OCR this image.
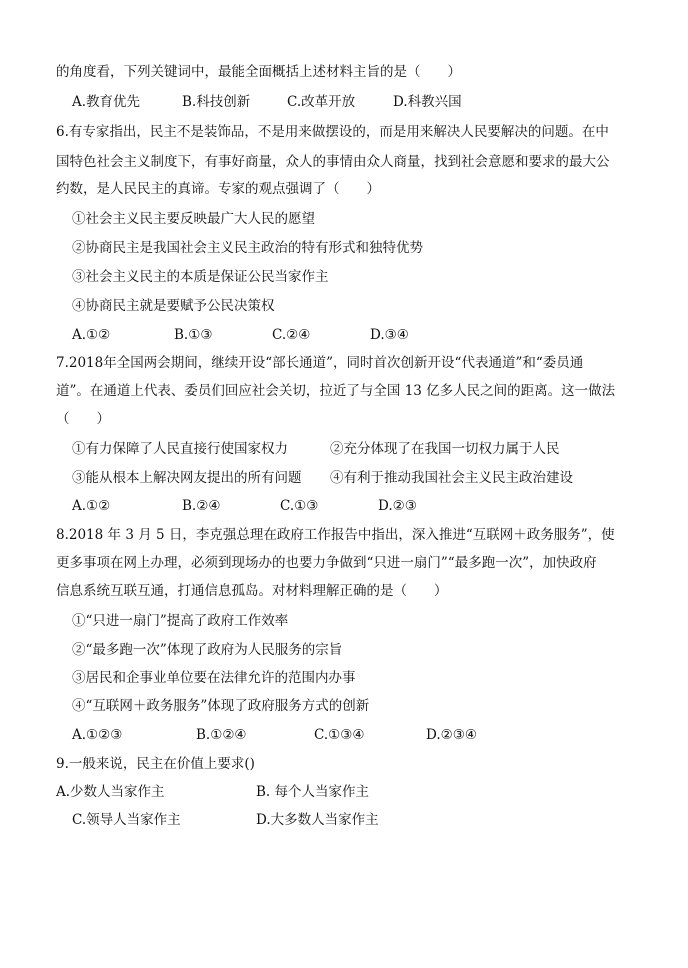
的角度看，下列关键词中，最能全面概括上述材料主旨的是（　　）
A.教育优先	B.科技创新	C.改革开放	D.科教兴国
6.有专家指出，民主不是装饰品，不是用来做摆设的，而是用来解决人民要解决的问题。在中
国特色社会主义制度下，有事好商量，众人的事情由众人商量，找到社会意愿和要求的最大公
约数，是人民民主的真谛。专家的观点强调了（　　）
①社会主义民主要反映最广大人民的愿望
②协商民主是我国社会主义民主政治的特有形式和独特优势
③社会主义民主的本质是保证公民当家作主
④协商民主就是要赋予公民决策权
A.①②	B.①③	C.②④	D.③④
7.2018年全国两会期间，继续开设“部长通道”，同时首次创新开设“代表通道”和“委员通
道”。在通道上代表、委员们回应社会关切，拉近了与全国 13 亿多人民之间的距离。这一做法
（　　）
①有力保障了人民直接行使国家权力	②充分体现了在我国一切权力属于人民
③能从根本上解决网友提出的所有问题 ④有利于推动我国社会主义民主政治建设
A.①②	B.②④	C.①③	D.②③
8.2018 年 3 月 5 日，李克强总理在政府工作报告中指出，深入推进“互联网＋政务服务”，使
更多事项在网上办理，必须到现场办的也要力争做到“只进一扇门”“最多跑一次”，加快政府
信息系统互联互通，打通信息孤岛。对材料理解正确的是（　　）
①“只进一扇门”提高了政府工作效率
②“最多跑一次”体现了政府为人民服务的宗旨
③居民和企事业单位要在法律允许的范围内办事
④“互联网＋政务服务”体现了政府服务方式的创新
A.①②③	B.①②④	C.①③④	D.②③④
9.一般来说，民主在价值上要求()
A.少数人当家作主	B. 每个人当家作主
C.领导人当家作主	D.大多数人当家作主
